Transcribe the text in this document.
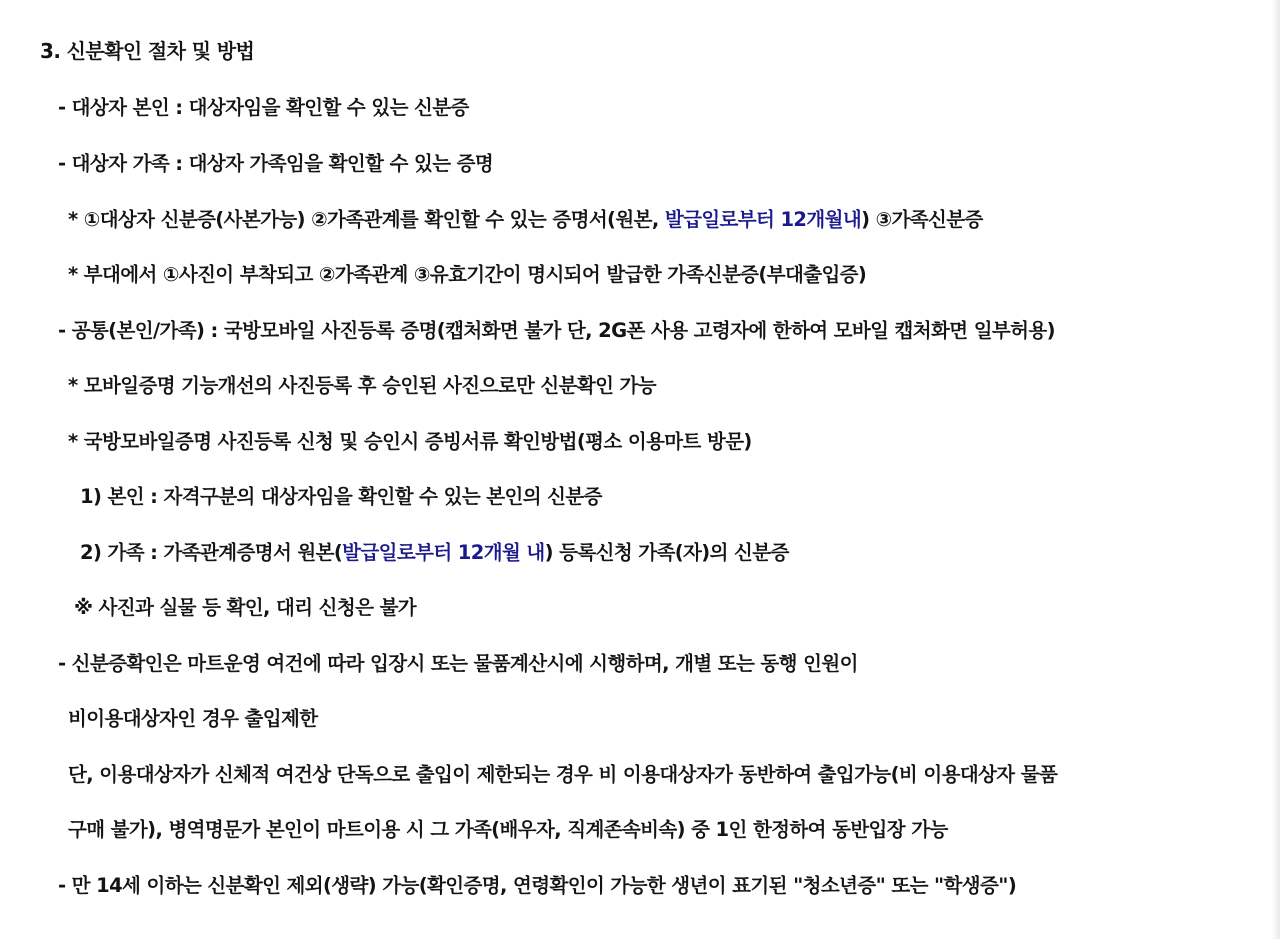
3. 신분확인 절차 및 방법
- 대상자 본인 : 대상자임을 확인할 수 있는 신분증
- 대상자 가족 : 대상자 가족임을 확인할 수 있는 증명
* ①대상자 신분증(사본가능) ②가족관계를 확인할 수 있는 증명서(원본, 발급일로부터 12개월내) ③가족신분증
* 부대에서 ①사진이 부착되고 ②가족관계 ③유효기간이 명시되어 발급한 가족신분증(부대출입증)
- 공통(본인/가족) : 국방모바일 사진등록 증명(캡처화면 불가 단, 2G폰 사용 고령자에 한하여 모바일 캡처화면 일부허용)
* 모바일증명 기능개선의 사진등록 후 승인된 사진으로만 신분확인 가능
* 국방모바일증명 사진등록 신청 및 승인시 증빙서류 확인방법(평소 이용마트 방문)
1) 본인 : 자격구분의 대상자임을 확인할 수 있는 본인의 신분증
2) 가족 : 가족관계증명서 원본(발급일로부터 12개월 내) 등록신청 가족(자)의 신분증
※ 사진과 실물 등 확인, 대리 신청은 불가
- 신분증확인은 마트운영 여건에 따라 입장시 또는 물품계산시에 시행하며, 개별 또는 동행 인원이
비이용대상자인 경우 출입제한
단, 이용대상자가 신체적 여건상 단독으로 출입이 제한되는 경우 비 이용대상자가 동반하여 출입가능(비 이용대상자 물품
구매 불가), 병역명문가 본인이 마트이용 시 그 가족(배우자, 직계존속비속) 중 1인 한정하여 동반입장 가능
- 만 14세 이하는 신분확인 제외(생략) 가능(확인증명, 연령확인이 가능한 생년이 표기된 "청소년증" 또는 "학생증")
